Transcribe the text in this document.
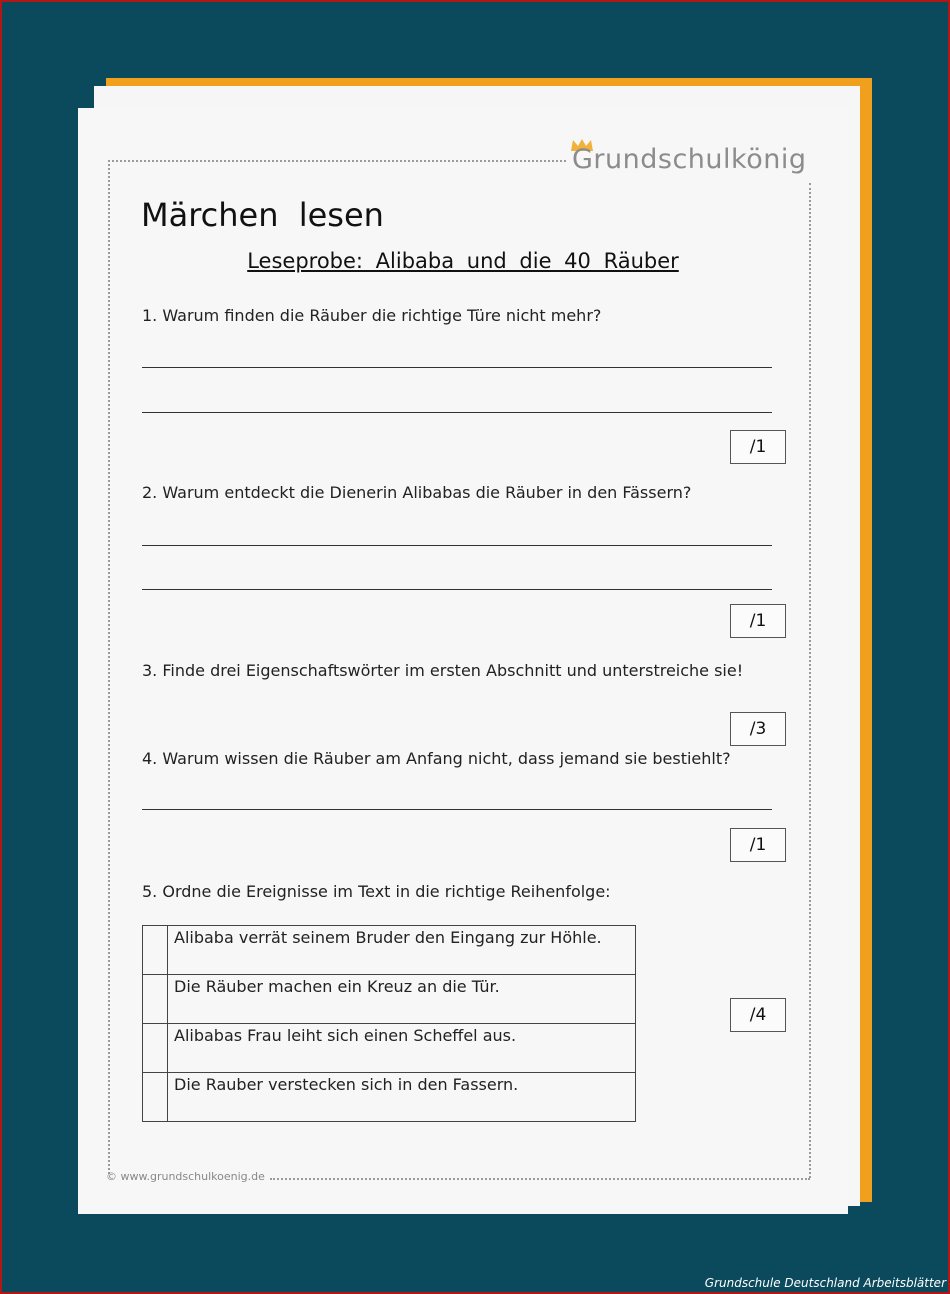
Grundschulkönig
Märchen lesen
Leseprobe: Alibaba und die 40 Räuber
1. Warum finden die Räuber die richtige Türe nicht mehr?
/1
2. Warum entdeckt die Dienerin Alibabas die Räuber in den Fässern?
/1
3. Finde drei Eigenschaftswörter im ersten Abschnitt und unterstreiche sie!
/3
4. Warum wissen die Räuber am Anfang nicht, dass jemand sie bestiehlt?
/1
5. Ordne die Ereignisse im Text in die richtige Reihenfolge:
	Alibaba verrät seinem Bruder den Eingang zur Höhle.
	Die Räuber machen ein Kreuz an die Tür.
	Alibabas Frau leiht sich einen Scheffel aus.
	Die Rauber verstecken sich in den Fassern.
/4
© www.grundschulkoenig.de
Grundschule Deutschland Arbeitsblätter
